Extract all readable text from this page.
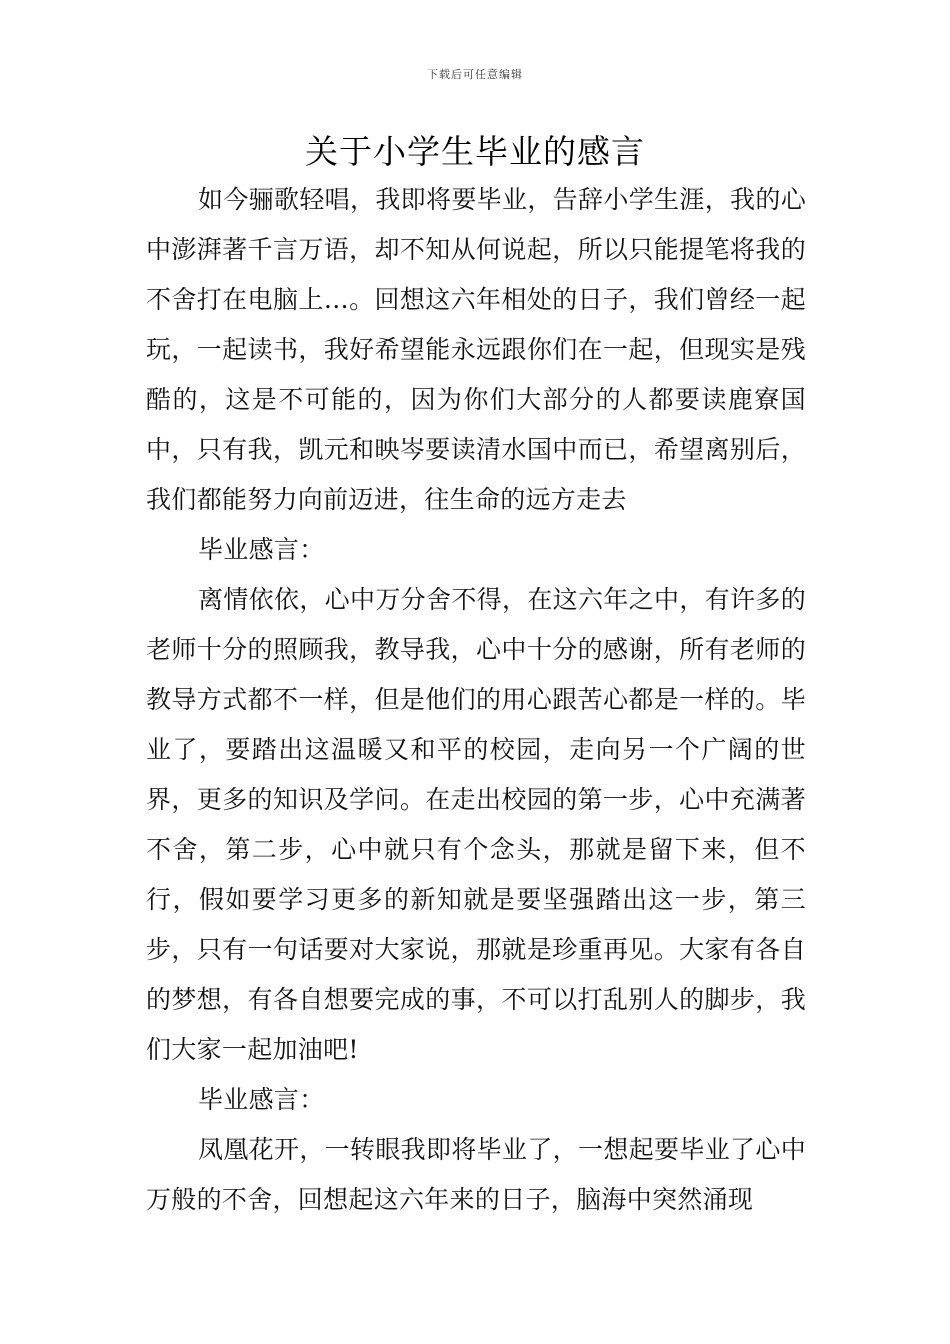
下载后可任意编辑
关于小学生毕业的感言

如今骊歌轻唱，我即将要毕业，告辞小学生涯，我的心中澎湃著千言万语，却不知从何说起，所以只能提笔将我的不舍打在电脑上…。回想这六年相处的日子，我们曾经一起玩，一起读书，我好希望能永远跟你们在一起，但现实是残酷的，这是不可能的，因为你们大部分的人都要读鹿寮国中，只有我，凯元和映岑要读清水国中而已，希望离别后，我们都能努力向前迈进，往生命的远方走去

毕业感言：

离情依依，心中万分舍不得，在这六年之中，有许多的老师十分的照顾我，教导我，心中十分的感谢，所有老师的教导方式都不一样，但是他们的用心跟苦心都是一样的。毕业了，要踏出这温暖又和平的校园，走向另一个广阔的世界，更多的知识及学问。在走出校园的第一步，心中充满著不舍，第二步，心中就只有个念头，那就是留下来，但不行，假如要学习更多的新知就是要坚强踏出这一步，第三步，只有一句话要对大家说，那就是珍重再见。大家有各自的梦想，有各自想要完成的事，不可以打乱别人的脚步，我们大家一起加油吧!

毕业感言：

凤凰花开，一转眼我即将毕业了，一想起要毕业了心中万般的不舍，回想起这六年来的日子，脑海中突然涌现
